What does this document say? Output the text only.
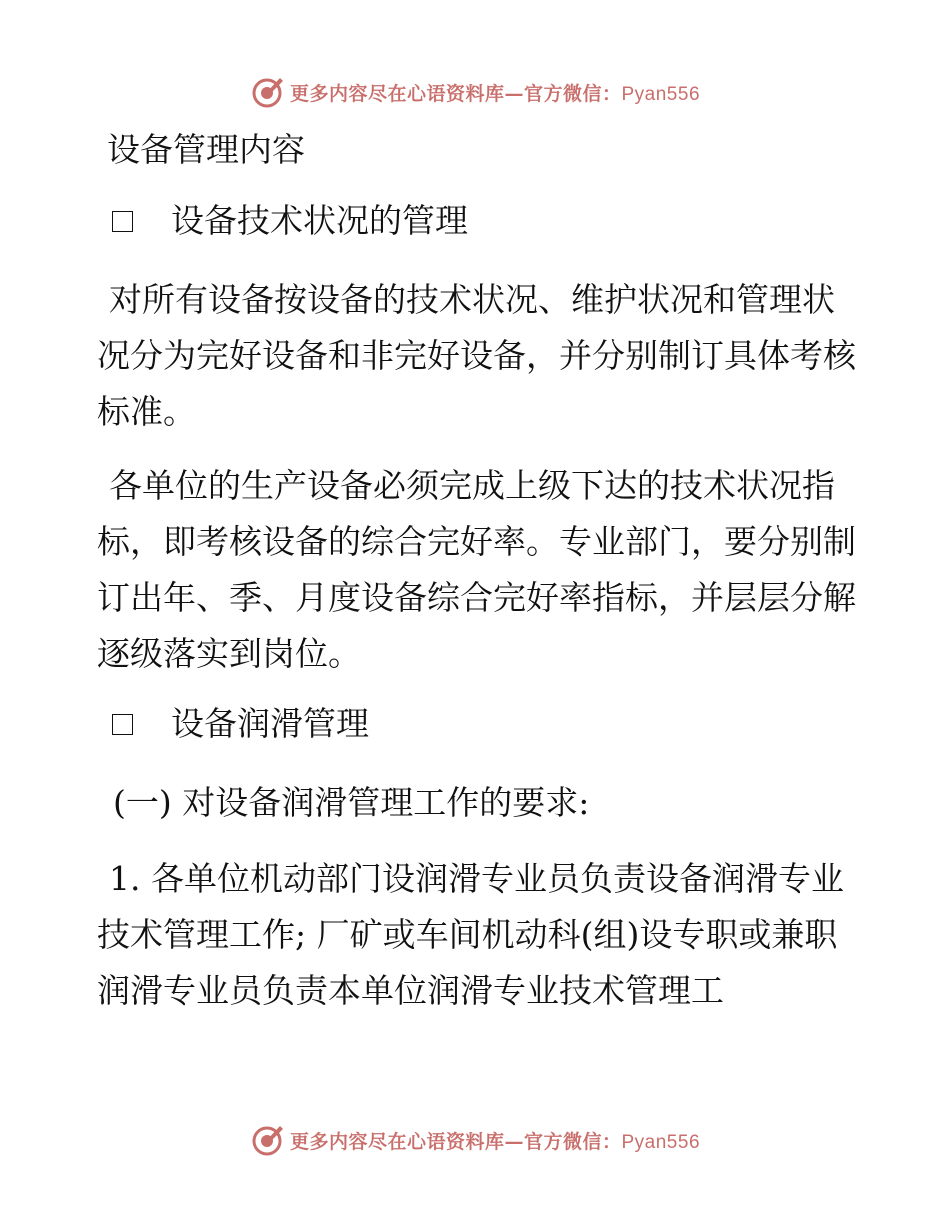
更多内容尽在心语资料库—官方微信：Pyan556

设备管理内容

设备技术状况的管理

对所有设备按设备的技术状况、维护状况和管理状况分为完好设备和非完好设备，并分别制订具体考核标准。

各单位的生产设备必须完成上级下达的技术状况指标，即考核设备的综合完好率。专业部门，要分别制订出年、季、月度设备综合完好率指标，并层层分解逐级落实到岗位。

设备润滑管理

(一) 对设备润滑管理工作的要求:

1. 各单位机动部门设润滑专业员负责设备润滑专业技术管理工作; 厂矿或车间机动科(组)设专职或兼职润滑专业员负责本单位润滑专业技术管理工

更多内容尽在心语资料库—官方微信：Pyan556
